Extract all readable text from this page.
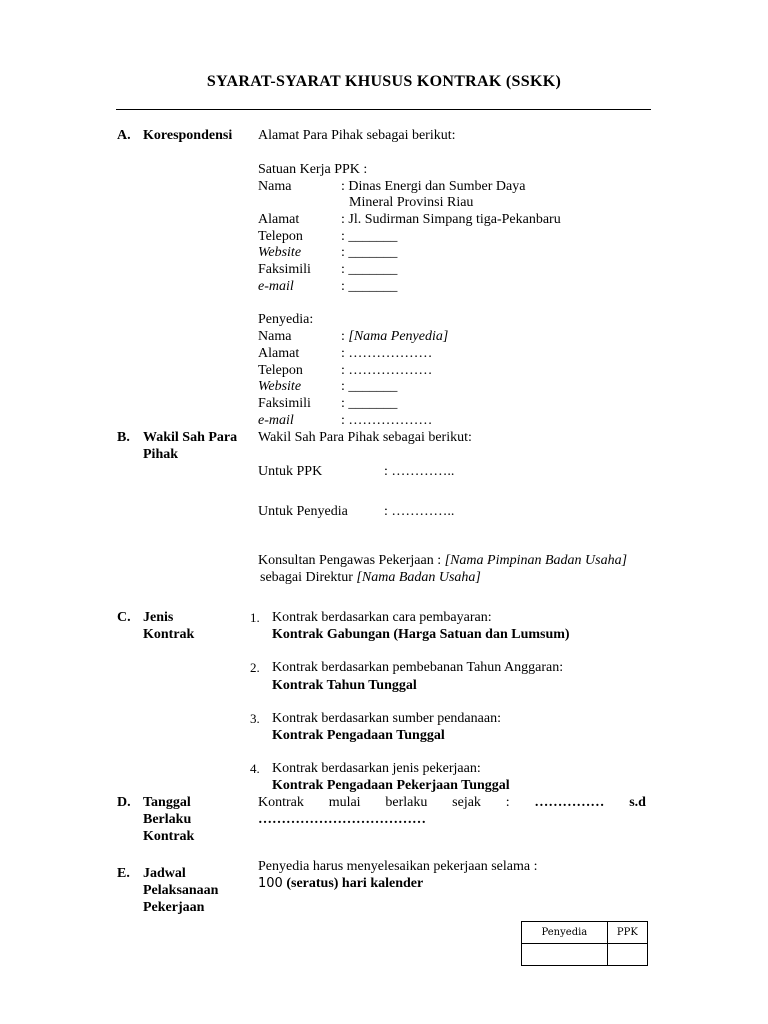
SYARAT-SYARAT KHUSUS KONTRAK (SSKK)
A. Korespondensi Alamat Para Pihak sebagai berikut:
Satuan Kerja PPK :
Nama	: Dinas Energi dan Sumber Daya
Mineral Provinsi Riau
Alamat	: Jl. Sudirman Simpang tiga-Pekanbaru
Telepon	: _______
Website	: _______
Faksimili : _______
e-mail	: _______
Penyedia:
Nama	: [Nama Penyedia]
Alamat	: ………………
Telepon	: ………………
Website	: _______
Faksimili : _______
e-mail	: ………………
B. Wakil Sah Para
Pihak
Wakil Sah Para Pihak sebagai berikut:
Untuk PPK	: …………..
Untuk Penyedia	: …………..
Konsultan Pengawas Pekerjaan : [Nama Pimpinan Badan Usaha]
sebagai Direktur [Nama Badan Usaha]
C. Jenis
Kontrak
1. Kontrak berdasarkan cara pembayaran:
Kontrak Gabungan (Harga Satuan dan Lumsum)
2. Kontrak berdasarkan pembebanan Tahun Anggaran:
Kontrak Tahun Tunggal
3. Kontrak berdasarkan sumber pendanaan:
Kontrak Pengadaan Tunggal
4. Kontrak berdasarkan jenis pekerjaan:
Kontrak Pengadaan Pekerjaan Tunggal
D. Tanggal
Berlaku
Kontrak
Kontrak mulai berlaku sejak : …………… s.d
………………………………
E. Jadwal
Pelaksanaan
Pekerjaan
Penyedia harus menyelesaikan pekerjaan selama :
100 (seratus) hari kalender
Penyedia	PPK
